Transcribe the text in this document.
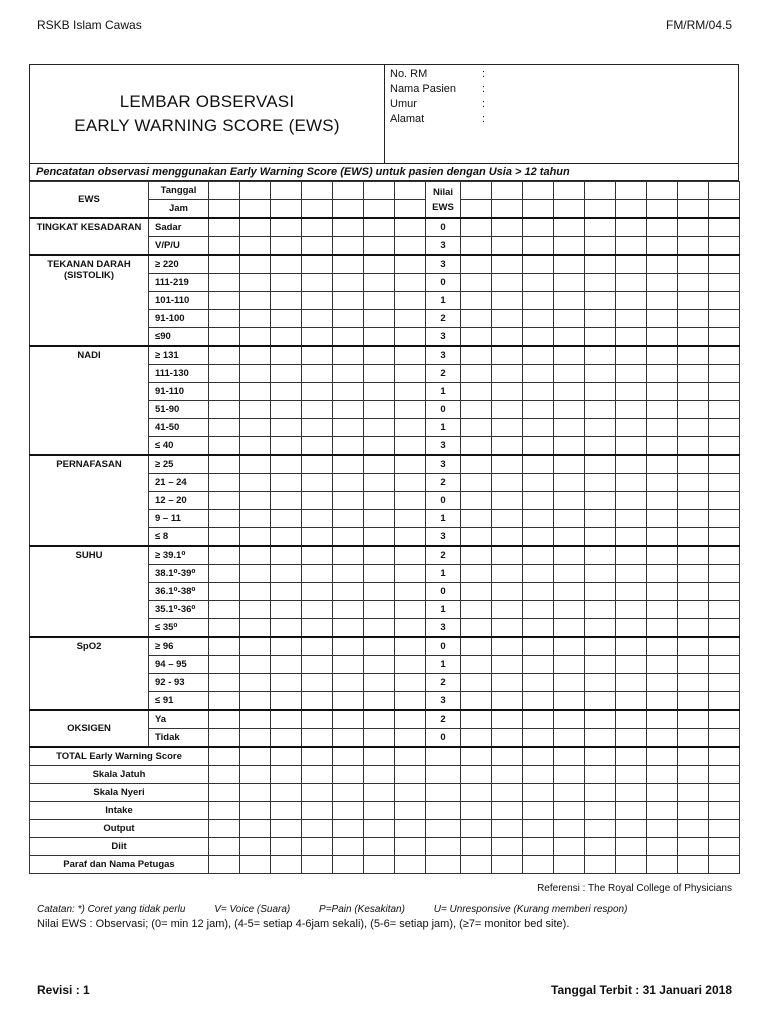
RSKB Islam Cawas	FM/RM/04.5
LEMBAR OBSERVASI
EARLY WARNING SCORE (EWS)
No. RM	:
Nama Pasien	:
Umur	:
Alamat	:
Pencatatan observasi menggunakan Early Warning Score (EWS) untuk pasien dengan Usia > 12 tahun
EWS	Tanggal								Nilai
EWS									
	Jam																	
TINGKAT KESADARAN	Sadar								0									
	V/P/U								3									
TEKANAN DARAH (SISTOLIK)	≥ 220								3									
	111-219								0									
	101-110								1									
	91-100								2									
	≤90								3									
NADI	≥ 131								3									
	111-130								2									
	91-110								1									
	51-90								0									
	41-50								1									
	≤ 40								3									
PERNAFASAN	≥ 25								3									
	21 – 24								2									
	12 – 20								0									
	9 – 11								1									
	≤ 8								3									
SUHU	≥ 39.1⁰								2									
	38.1⁰-39⁰								1									
	36.1⁰-38⁰								0									
	35.1⁰-36⁰								1									
	≤ 35⁰								3									
SpO2	≥ 96								0									
	94 – 95								1									
	92 - 93								2									
	≤ 91								3									
OKSIGEN	Ya								2									
	Tidak								0									
TOTAL Early Warning Score																		
Skala Jatuh																		
Skala Nyeri																		
Intake																		
Output																		
Diit																		
Paraf dan Nama Petugas																		
Referensi : The Royal College of Physicians
Catatan: *) Coret yang tidak perlu	V= Voice (Suara)	P=Pain (Kesakitan)	U= Unresponsive (Kurang memberi respon)
Nilai EWS : Observasi; (0= min 12 jam), (4-5= setiap 4-6jam sekali), (5-6= setiap jam), (≥7= monitor bed site).
Revisi : 1	Tanggal Terbit : 31 Januari 2018
